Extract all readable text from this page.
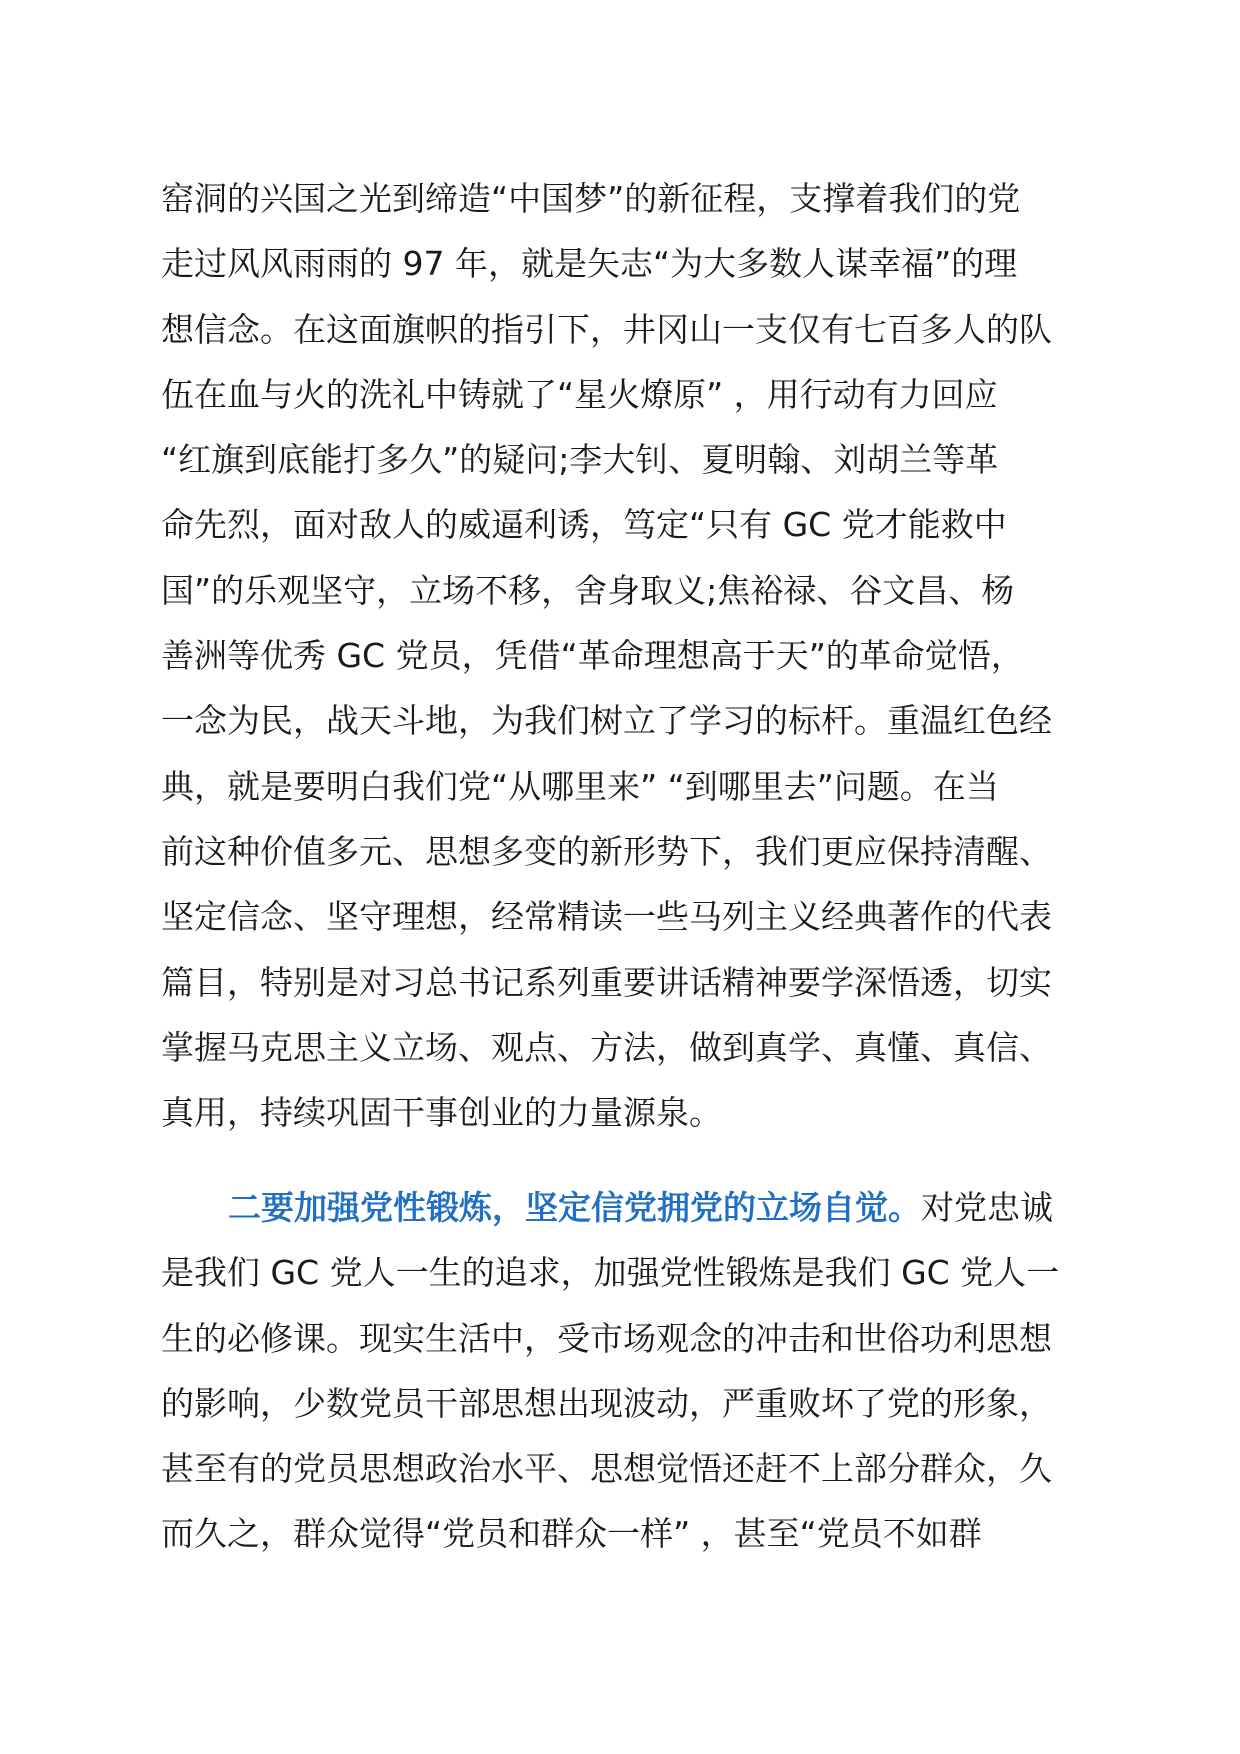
窑洞的兴国之光到缔造“中国梦”的新征程，支撑着我们的党
走过风风雨雨的 97 年，就是矢志“为大多数人谋幸福”的理
想信念。在这面旗帜的指引下，井冈山一支仅有七百多人的队
伍在血与火的洗礼中铸就了“星火燎原” ，用行动有力回应
“红旗到底能打多久”的疑问;李大钊、夏明翰、刘胡兰等革
命先烈，面对敌人的威逼利诱，笃定“只有 GC 党才能救中
国”的乐观坚守，立场不移，舍身取义;焦裕禄、谷文昌、杨
善洲等优秀 GC 党员，凭借“革命理想高于天”的革命觉悟，
一念为民，战天斗地，为我们树立了学习的标杆。重温红色经
典，就是要明白我们党“从哪里来” “到哪里去”问题。在当
前这种价值多元、思想多变的新形势下，我们更应保持清醒、
坚定信念、坚守理想，经常精读一些马列主义经典著作的代表
篇目，特别是对习总书记系列重要讲话精神要学深悟透，切实
掌握马克思主义立场、观点、方法，做到真学、真懂、真信、
真用，持续巩固干事创业的力量源泉。
二要加强党性锻炼，坚定信党拥党的立场自觉。对党忠诚
是我们 GC 党人一生的追求，加强党性锻炼是我们 GC 党人一
生的必修课。现实生活中，受市场观念的冲击和世俗功利思想
的影响，少数党员干部思想出现波动，严重败坏了党的形象，
甚至有的党员思想政治水平、思想觉悟还赶不上部分群众，久
而久之，群众觉得“党员和群众一样” ，甚至“党员不如群
